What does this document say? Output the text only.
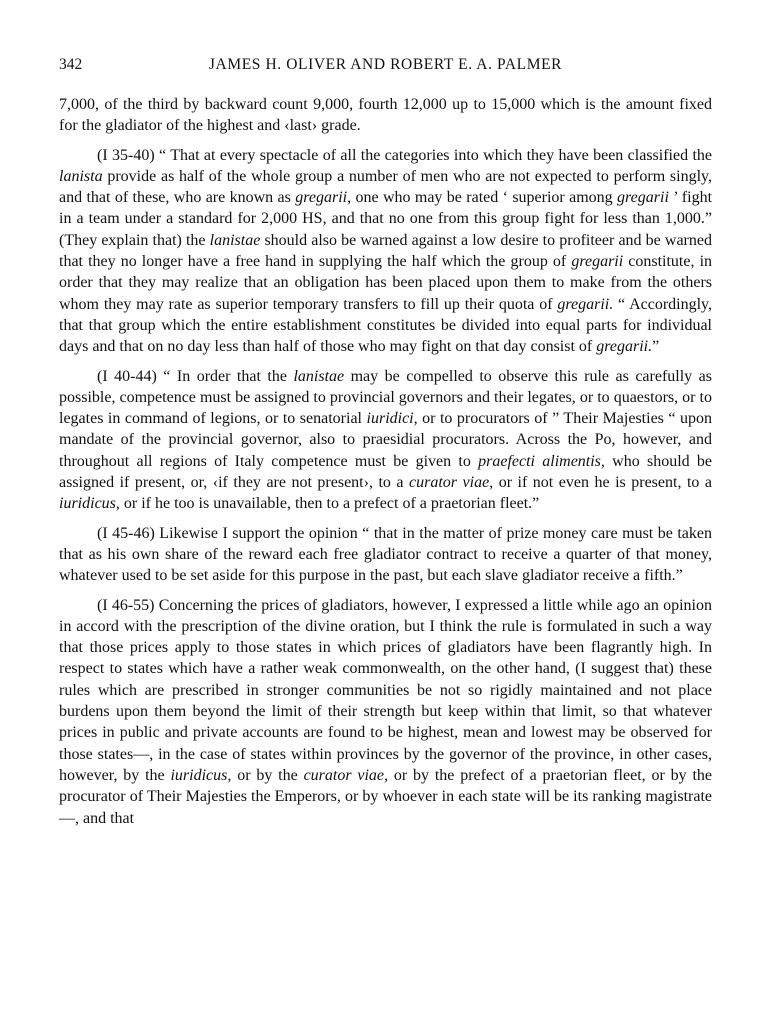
342	JAMES H. OLIVER AND ROBERT E. A. PALMER

7,000, of the third by backward count 9,000, fourth 12,000 up to 15,000 which is the amount fixed for the gladiator of the highest and ‹last› grade.

(I 35-40) “ That at every spectacle of all the categories into which they have been classified the lanista provide as half of the whole group a number of men who are not expected to perform singly, and that of these, who are known as gregarii, one who may be rated ‘ superior among gregarii ’ fight in a team under a standard for 2,000 HS, and that no one from this group fight for less than 1,000.” (They explain that) the lanistae should also be warned against a low desire to profiteer and be warned that they no longer have a free hand in supplying the half which the group of gregarii constitute, in order that they may realize that an obligation has been placed upon them to make from the others whom they may rate as superior temporary transfers to fill up their quota of gregarii. “ Accordingly, that that group which the entire establishment constitutes be divided into equal parts for individual days and that on no day less than half of those who may fight on that day consist of gregarii.”

(I 40-44) “ In order that the lanistae may be compelled to observe this rule as carefully as possible, competence must be assigned to provincial governors and their legates, or to quaestors, or to legates in command of legions, or to senatorial iuridici, or to procurators of ” Their Majesties “ upon mandate of the provincial governor, also to praesidial procurators. Across the Po, however, and throughout all regions of Italy competence must be given to praefecti alimentis, who should be assigned if present, or, ‹if they are not present›, to a curator viae, or if not even he is present, to a iuridicus, or if he too is unavailable, then to a prefect of a praetorian fleet.”

(I 45-46) Likewise I support the opinion “ that in the matter of prize money care must be taken that as his own share of the reward each free gladiator contract to receive a quarter of that money, whatever used to be set aside for this purpose in the past, but each slave gladiator receive a fifth.”

(I 46-55) Concerning the prices of gladiators, however, I expressed a little while ago an opinion in accord with the prescription of the divine oration, but I think the rule is formulated in such a way that those prices apply to those states in which prices of gladiators have been flagrantly high. In respect to states which have a rather weak commonwealth, on the other hand, (I suggest that) these rules which are prescribed in stronger communities be not so rigidly maintained and not place burdens upon them beyond the limit of their strength but keep within that limit, so that whatever prices in public and private accounts are found to be highest, mean and lowest may be observed for those states—, in the case of states within provinces by the governor of the province, in other cases, however, by the iuridicus, or by the curator viae, or by the prefect of a praetorian fleet, or by the procurator of Their Majesties the Emperors, or by whoever in each state will be its ranking magistrate—, and that
